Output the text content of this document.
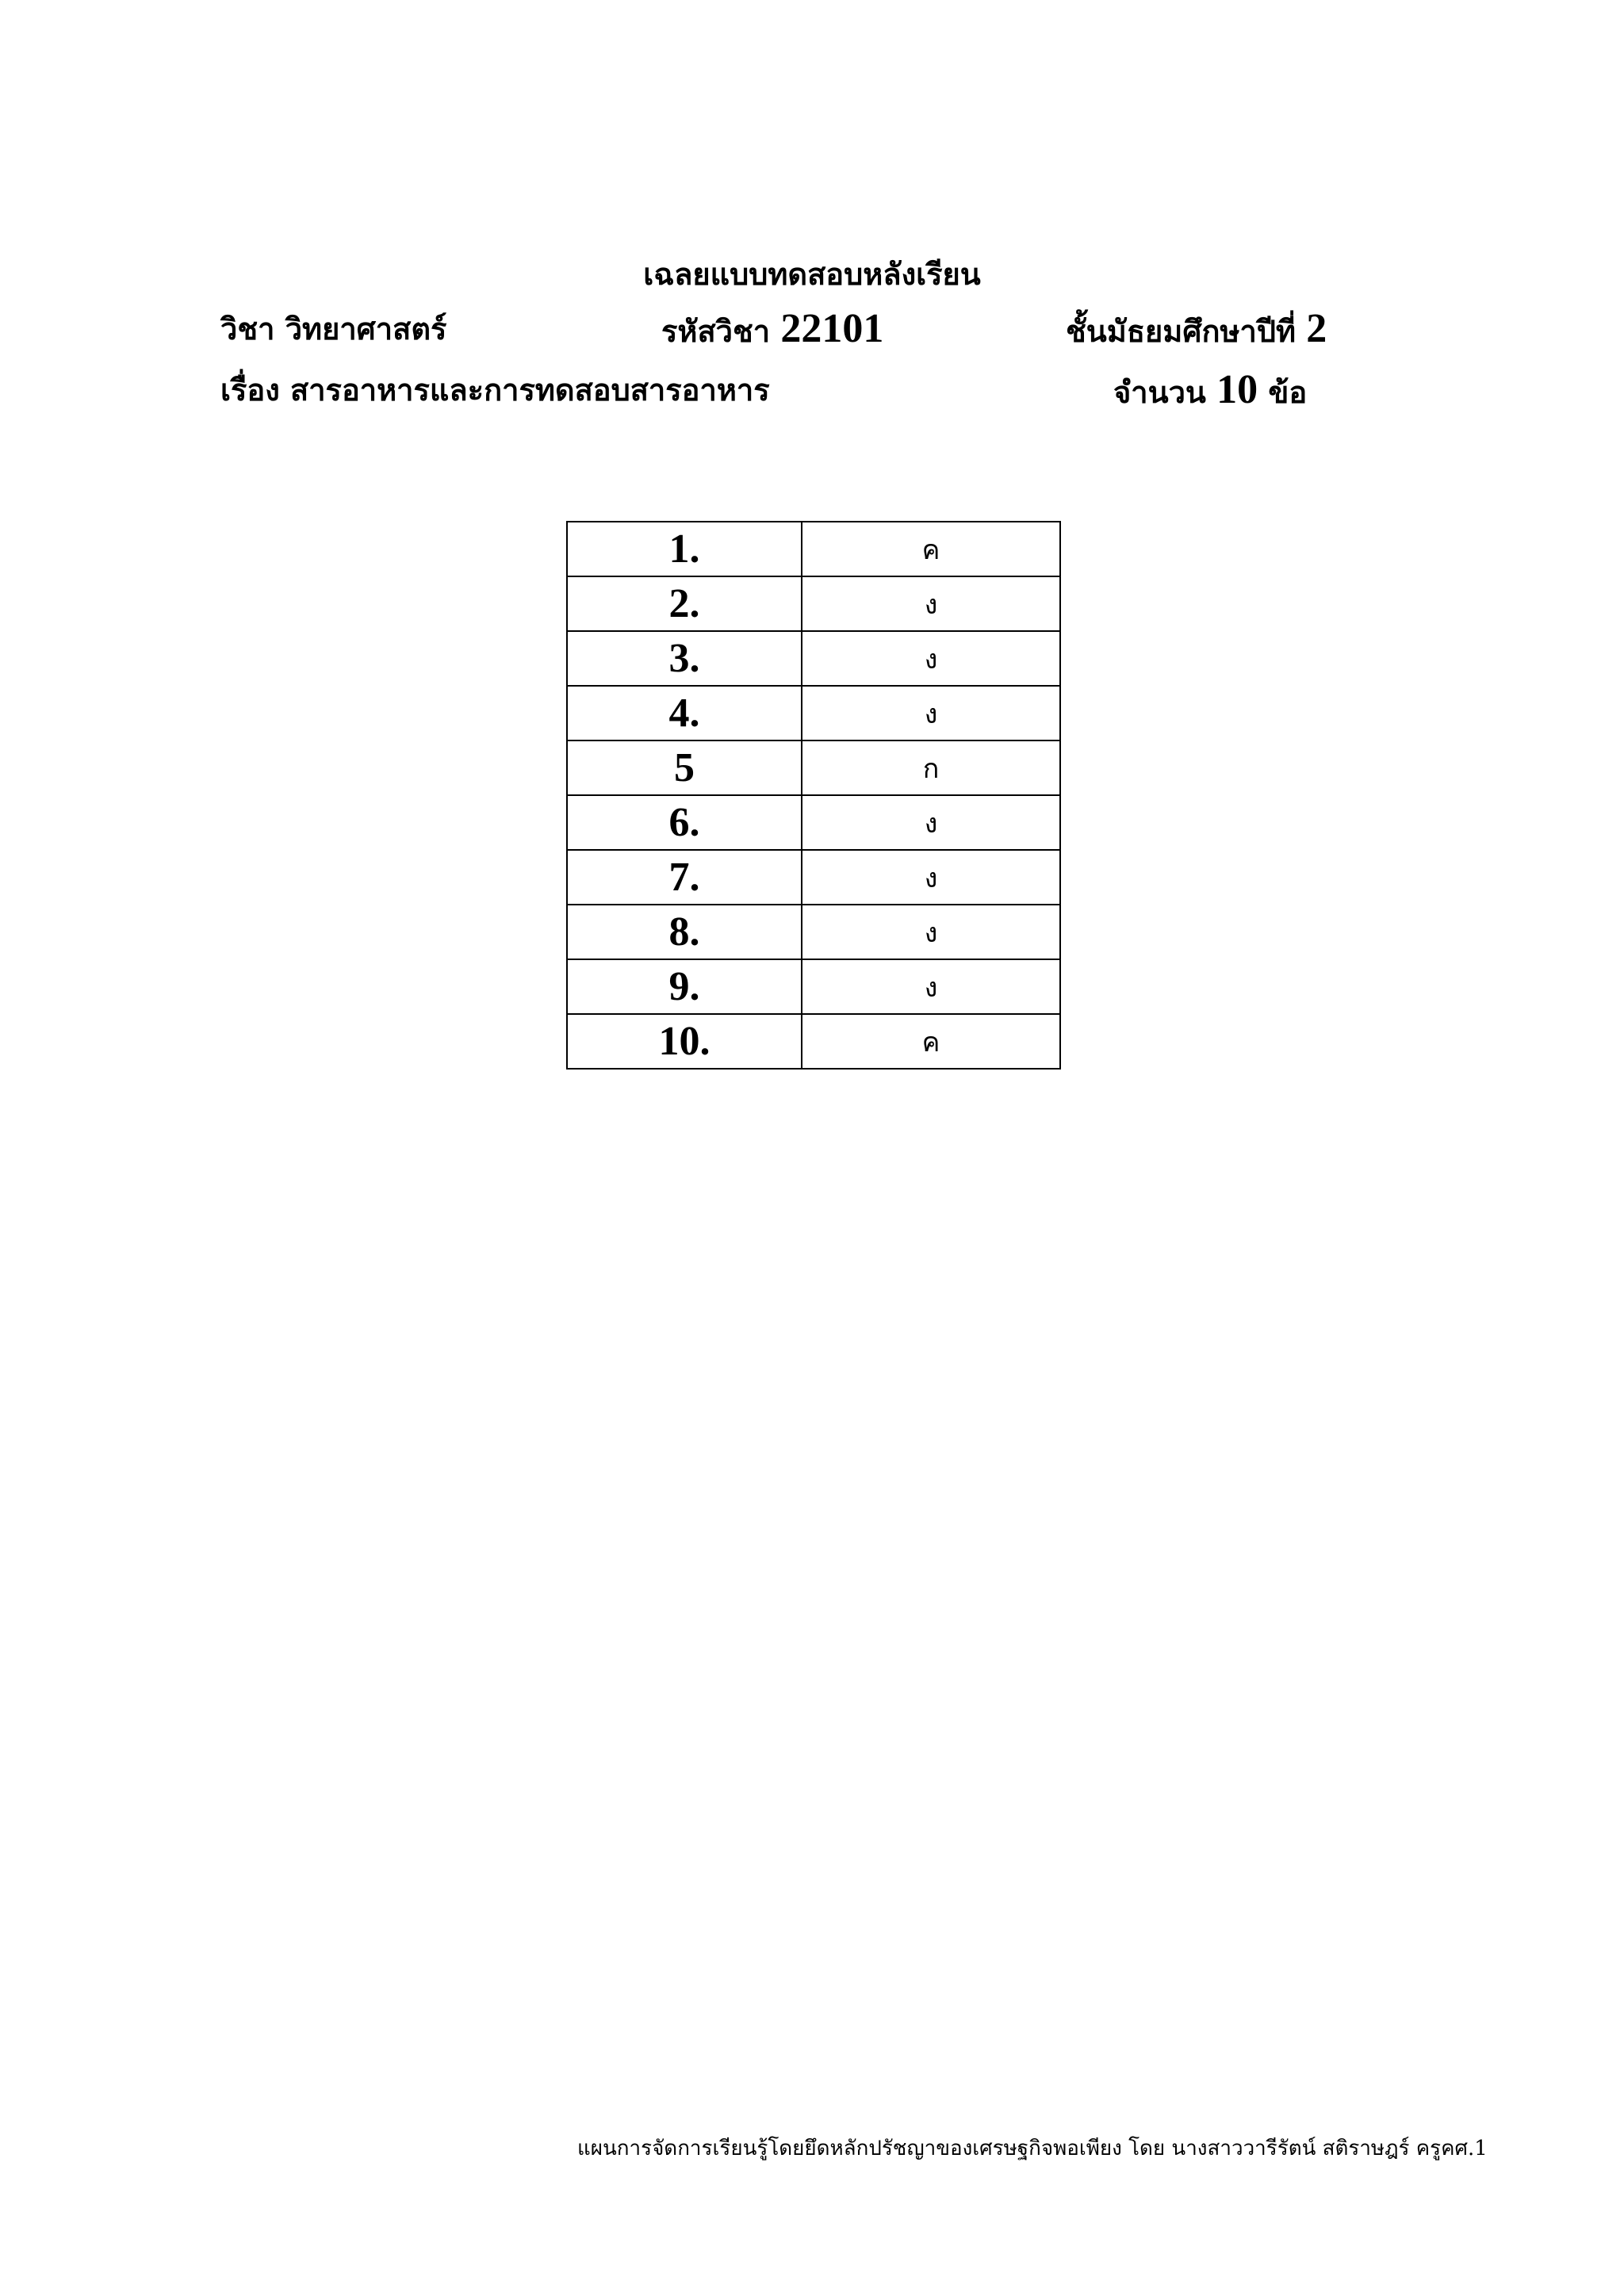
เฉลยแบบทดสอบหลังเรียน
วิชา วิทยาศาสตร์	รหัสวิชา 22101	ชั้นมัธยมศึกษาปีที่ 2
เรื่อง สารอาหารและการทดสอบสารอาหาร	จำนวน 10 ข้อ
1.	ค
2.	ง
3.	ง
4.	ง
5	ก
6.	ง
7.	ง
8.	ง
9.	ง
10.	ค
แผนการจัดการเรียนรู้โดยยึดหลักปรัชญาของเศรษฐกิจพอเพียง โดย นางสาววารีรัตน์ สติราษฎร์ ครูคศ.1
